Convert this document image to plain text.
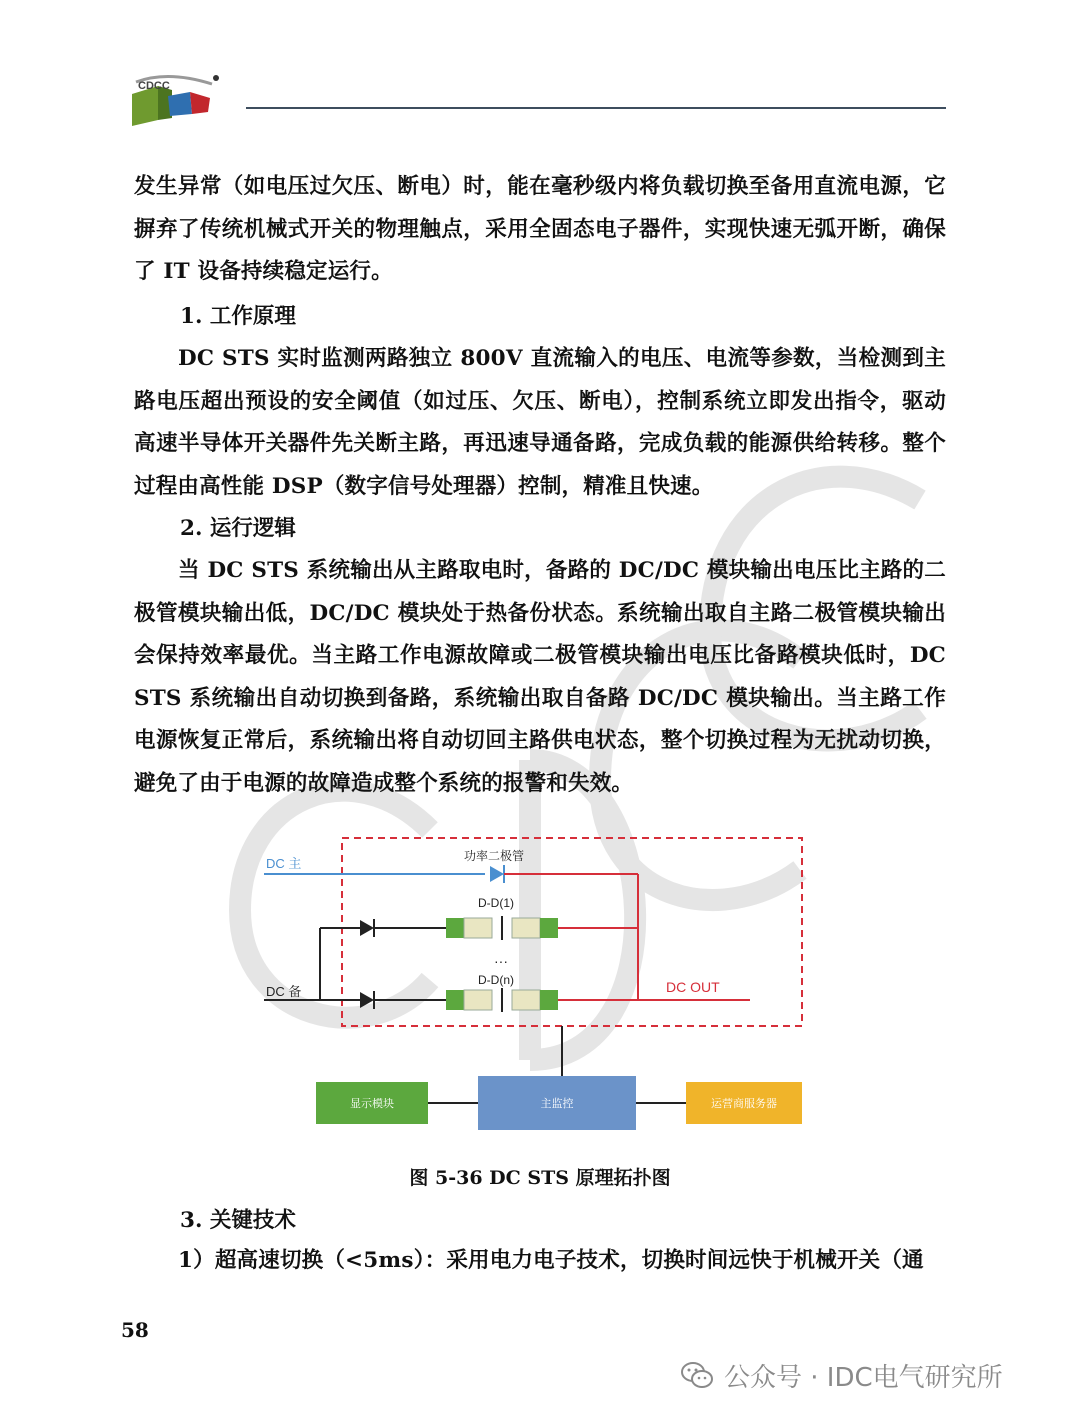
CDCC

发生异常（如电压过欠压、断电）时，能在毫秒级内将负载切换至备用直流电源，它摒弃了传统机械式开关的物理触点，采用全固态电子器件，实现快速无弧开断，确保了 IT 设备持续稳定运行。

1. 工作原理

DC STS 实时监测两路独立 800V 直流输入的电压、电流等参数，当检测到主路电压超出预设的安全阈值（如过压、欠压、断电），控制系统立即发出指令，驱动高速半导体开关器件先关断主路，再迅速导通备路，完成负载的能源供给转移。整个过程由高性能 DSP（数字信号处理器）控制，精准且快速。

2. 运行逻辑

当 DC STS 系统输出从主路取电时，备路的 DC/DC 模块输出电压比主路的二极管模块输出低，DC/DC 模块处于热备份状态。系统输出取自主路二极管模块输出会保持效率最优。当主路工作电源故障或二极管模块输出电压比备路模块低时，DC STS 系统输出自动切换到备路，系统输出取自备路 DC/DC 模块输出。当主路工作电源恢复正常后，系统输出将自动切回主路供电状态，整个切换过程为无扰动切换，避免了由于电源的故障造成整个系统的报警和失效。

DC 主	功率二极管
DC 备
D-D(1)
···
D-D(n)	DC OUT
显示模块	主监控	运营商服务器
图 5-36 DC STS 原理拓扑图

3. 关键技术

1）超高速切换（<5ms）：采用电力电子技术，切换时间远快于机械开关（通

58
公众号 · IDC电气研究所
